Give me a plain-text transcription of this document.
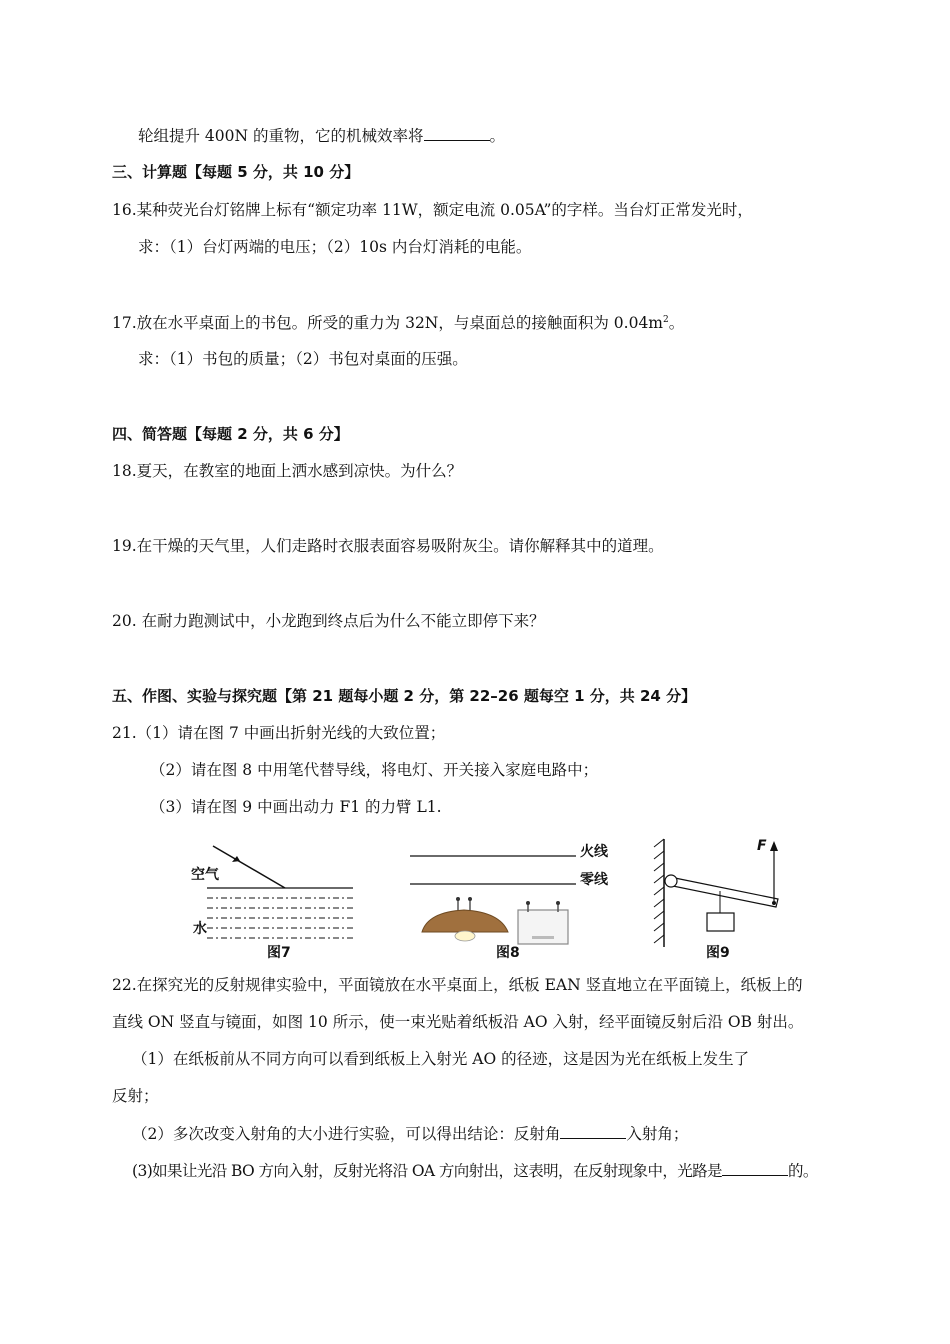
轮组提升 400N 的重物，它的机械效率将	。
三、计算题【每题 5 分，共 10 分】
16.某种荧光台灯铭牌上标有“额定功率 11W，额定电流 0.05A”的字样。当台灯正常发光时，
求：（1）台灯两端的电压；（2）10s 内台灯消耗的电能。
17.放在水平桌面上的书包。所受的重力为 32N，与桌面总的接触面积为 $0.04m^2$。
求：（1）书包的质量；（2）书包对桌面的压强。
四、简答题【每题 2 分，共 6 分】
18.夏天，在教室的地面上洒水感到凉快。为什么？
19.在干燥的天气里，人们走路时衣服表面容易吸附灰尘。请你解释其中的道理。
20. 在耐力跑测试中，小龙跑到终点后为什么不能立即停下来？
五、作图、实验与探究题【第 21 题每小题 2 分，第 22–26 题每空 1 分，共 24 分】
21.（1）请在图 7 中画出折射光线的大致位置；
（2）请在图 8 中用笔代替导线，将电灯、开关接入家庭电路中；
（3）请在图 9 中画出动力 F1 的力臂 L1.
空气
水
图7
火线
零线
图8
F
图9
22.在探究光的反射规律实验中，平面镜放在水平桌面上，纸板 EAN 竖直地立在平面镜上，纸板上的
直线 ON 竖直与镜面，如图 10 所示，使一束光贴着纸板沿 AO 入射，经平面镜反射后沿 OB 射出。
（1）在纸板前从不同方向可以看到纸板上入射光 AO 的径迹，这是因为光在纸板上发生了
反射；
（2）多次改变入射角的大小进行实验，可以得出结论：反射角	入射角；
(3)如果让光沿 BO 方向入射，反射光将沿 OA 方向射出，这表明，在反射现象中，光路是	的。
